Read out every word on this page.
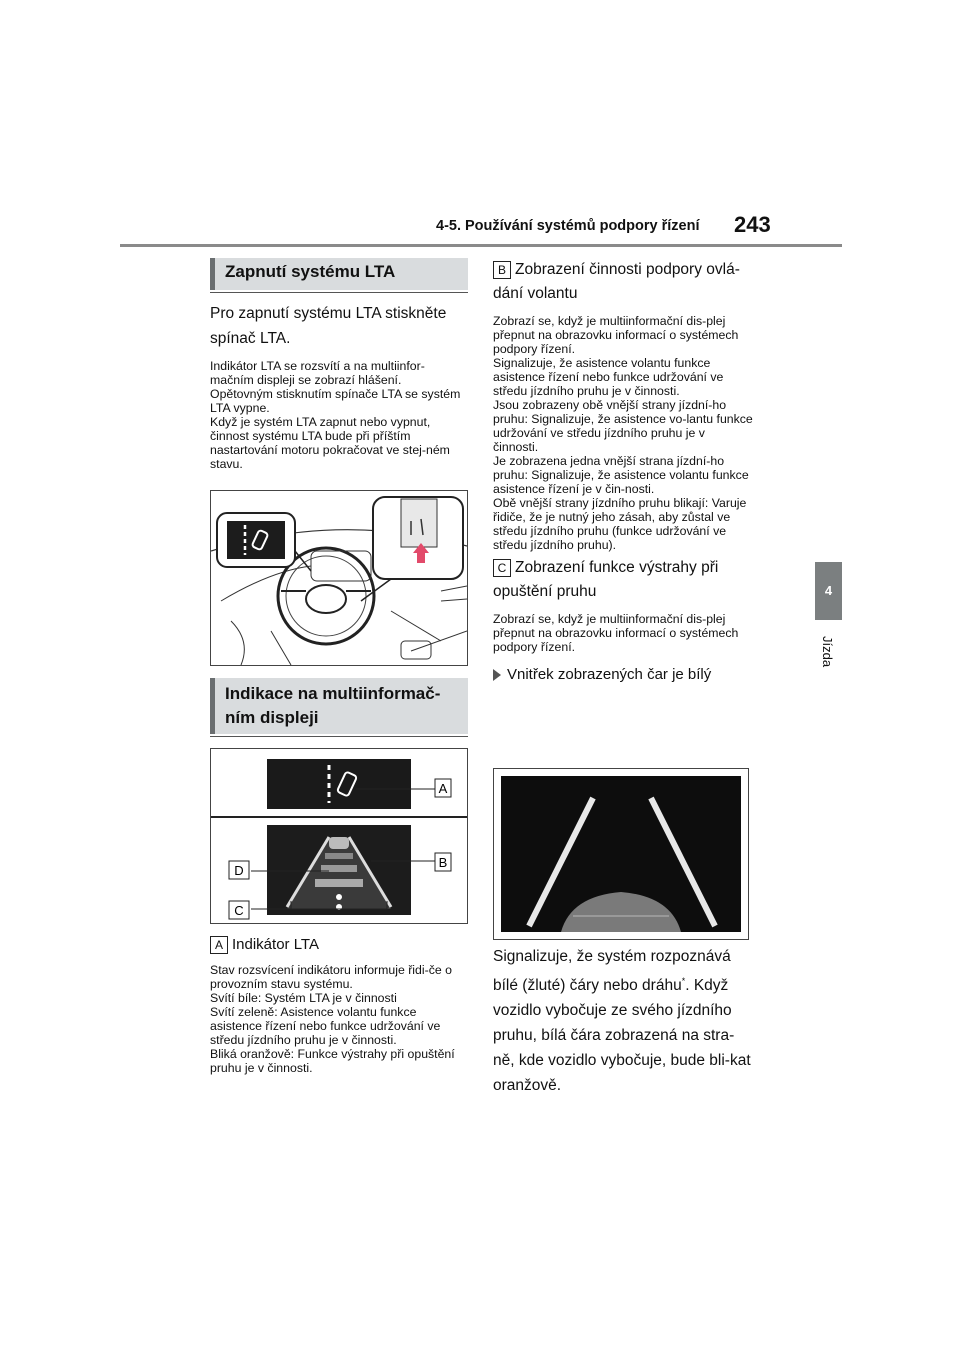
4-5. Používání systémů podpory řízení 243
4
Jízda
Zapnutí systému LTA

Pro zapnutí systému LTA stiskněte spínač LTA.

Indikátor LTA se rozsvítí a na multiinfor-mačním displeji se zobrazí hlášení.

Opětovným stisknutím spínače LTA se systém LTA vypne.

Když je systém LTA zapnut nebo vypnut, činnost systému LTA bude při příštím nastartování motoru pokračovat ve stej-ném stavu.

Indikace na multiinformač-ním displeji
A
B
C
D

A Indikátor LTA

Stav rozsvícení indikátoru informuje řidi-če o provozním stavu systému.

Svítí bíle: Systém LTA je v činnosti

Svítí zeleně: Asistence volantu funkce asistence řízení nebo funkce udržování ve středu jízdního pruhu je v činnosti.

Bliká oranžově: Funkce výstrahy při opuštění pruhu je v činnosti.

B Zobrazení činnosti podpory ovlá-dání volantu

Zobrazí se, když je multiinformační dis-plej přepnut na obrazovku informací o systémech podpory řízení.

Signalizuje, že asistence volantu funkce asistence řízení nebo funkce udržování ve středu jízdního pruhu je v činnosti.

Jsou zobrazeny obě vnější strany jízdní-ho pruhu: Signalizuje, že asistence vo-lantu funkce udržování ve středu jízdního pruhu je v činnosti.

Je zobrazena jedna vnější strana jízdní-ho pruhu: Signalizuje, že asistence volantu funkce asistence řízení je v čin-nosti.

Obě vnější strany jízdního pruhu blikají: Varuje řidiče, že je nutný jeho zásah, aby zůstal ve středu jízdního pruhu (funkce udržování ve středu jízdního pruhu).

C Zobrazení funkce výstrahy při opuštění pruhu

Zobrazí se, když je multiinformační dis-plej přepnut na obrazovku informací o systémech podpory řízení.

Vnitřek zobrazených čar je bílý

Signalizuje, že systém rozpoznává bílé (žluté) čáry nebo dráhu*. Když vozidlo vybočuje ze svého jízdního pruhu, bílá čára zobrazená na stra-ně, kde vozidlo vybočuje, bude bli-kat oranžově.
